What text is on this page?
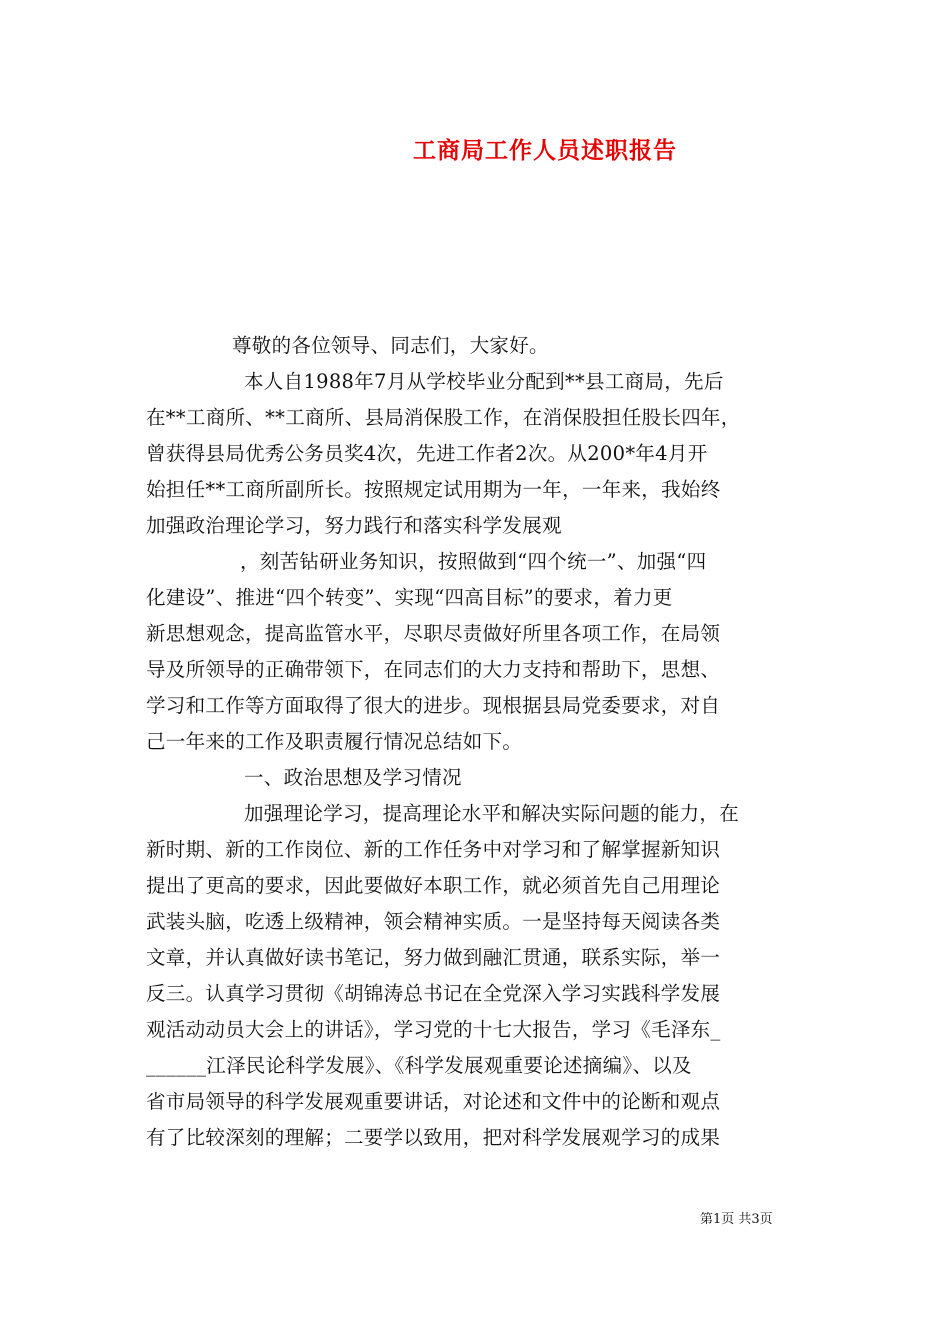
工商局工作人员述职报告
尊敬的各位领导、同志们，大家好。
本人自1988年7月从学校毕业分配到**县工商局，先后
在**工商所、**工商所、县局消保股工作，在消保股担任股长四年，
曾获得县局优秀公务员奖4次，先进工作者2次。从200*年4月开
始担任**工商所副所长。按照规定试用期为一年，一年来，我始终
加强政治理论学习，努力践行和落实科学发展观
，刻苦钻研业务知识，按照做到“四个统一”、加强“四
化建设”、推进“四个转变”、实现“四高目标”的要求，着力更
新思想观念，提高监管水平，尽职尽责做好所里各项工作，在局领
导及所领导的正确带领下，在同志们的大力支持和帮助下，思想、
学习和工作等方面取得了很大的进步。现根据县局党委要求，对自
己一年来的工作及职责履行情况总结如下。
一、政治思想及学习情况
加强理论学习，提高理论水平和解决实际问题的能力，在
新时期、新的工作岗位、新的工作任务中对学习和了解掌握新知识
提出了更高的要求，因此要做好本职工作，就必须首先自己用理论
武装头脑，吃透上级精神，领会精神实质。一是坚持每天阅读各类
文章，并认真做好读书笔记，努力做到融汇贯通，联系实际，举一
反三。认真学习贯彻《胡锦涛总书记在全党深入学习实践科学发展
观活动动员大会上的讲话》，学习党的十七大报告，学习《毛泽东_
______江泽民论科学发展》、《科学发展观重要论述摘编》、以及
省市局领导的科学发展观重要讲话，对论述和文件中的论断和观点
有了比较深刻的理解；二要学以致用，把对科学发展观学习的成果
第1页 共3页
